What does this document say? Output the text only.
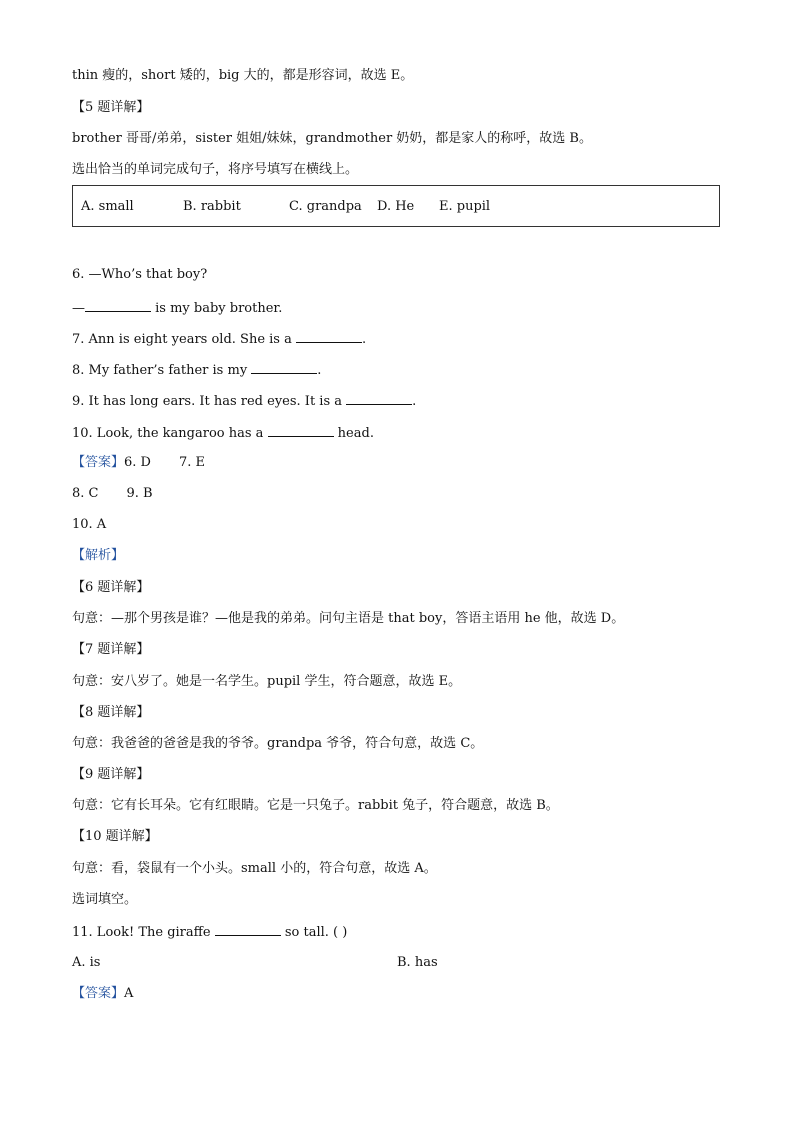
thin 瘦的，short 矮的，big 大的，都是形容词，故选 E。
【5 题详解】
brother 哥哥/弟弟，sister 姐姐/妹妹，grandmother 奶奶，都是家人的称呼，故选 B。
选出恰当的单词完成句子，将序号填写在横线上。
A. small	B. rabbit	C. grandpa D. He E. pupil
6. —Who’s that boy?
—	is my baby brother.
7. Ann is eight years old. She is a	.
8. My father’s father is my	.
9. It has long ears. It has red eyes. It is a	.
10. Look, the kangaroo has a	head.
【答案】6. D 7. E
8. C 9. B
10. A
【解析】
【6 题详解】
句意：—那个男孩是谁？—他是我的弟弟。问句主语是 that boy，答语主语用 he 他，故选 D。
【7 题详解】
句意：安八岁了。她是一名学生。pupil 学生，符合题意，故选 E。
【8 题详解】
句意：我爸爸的爸爸是我的爷爷。grandpa 爷爷，符合句意，故选 C。
【9 题详解】
句意：它有长耳朵。它有红眼睛。它是一只兔子。rabbit 兔子，符合题意，故选 B。
【10 题详解】
句意：看，袋鼠有一个小头。small 小的，符合句意，故选 A。
选词填空。
11. Look! The giraffe	so tall. ( )
A. is	B. has
【答案】A
